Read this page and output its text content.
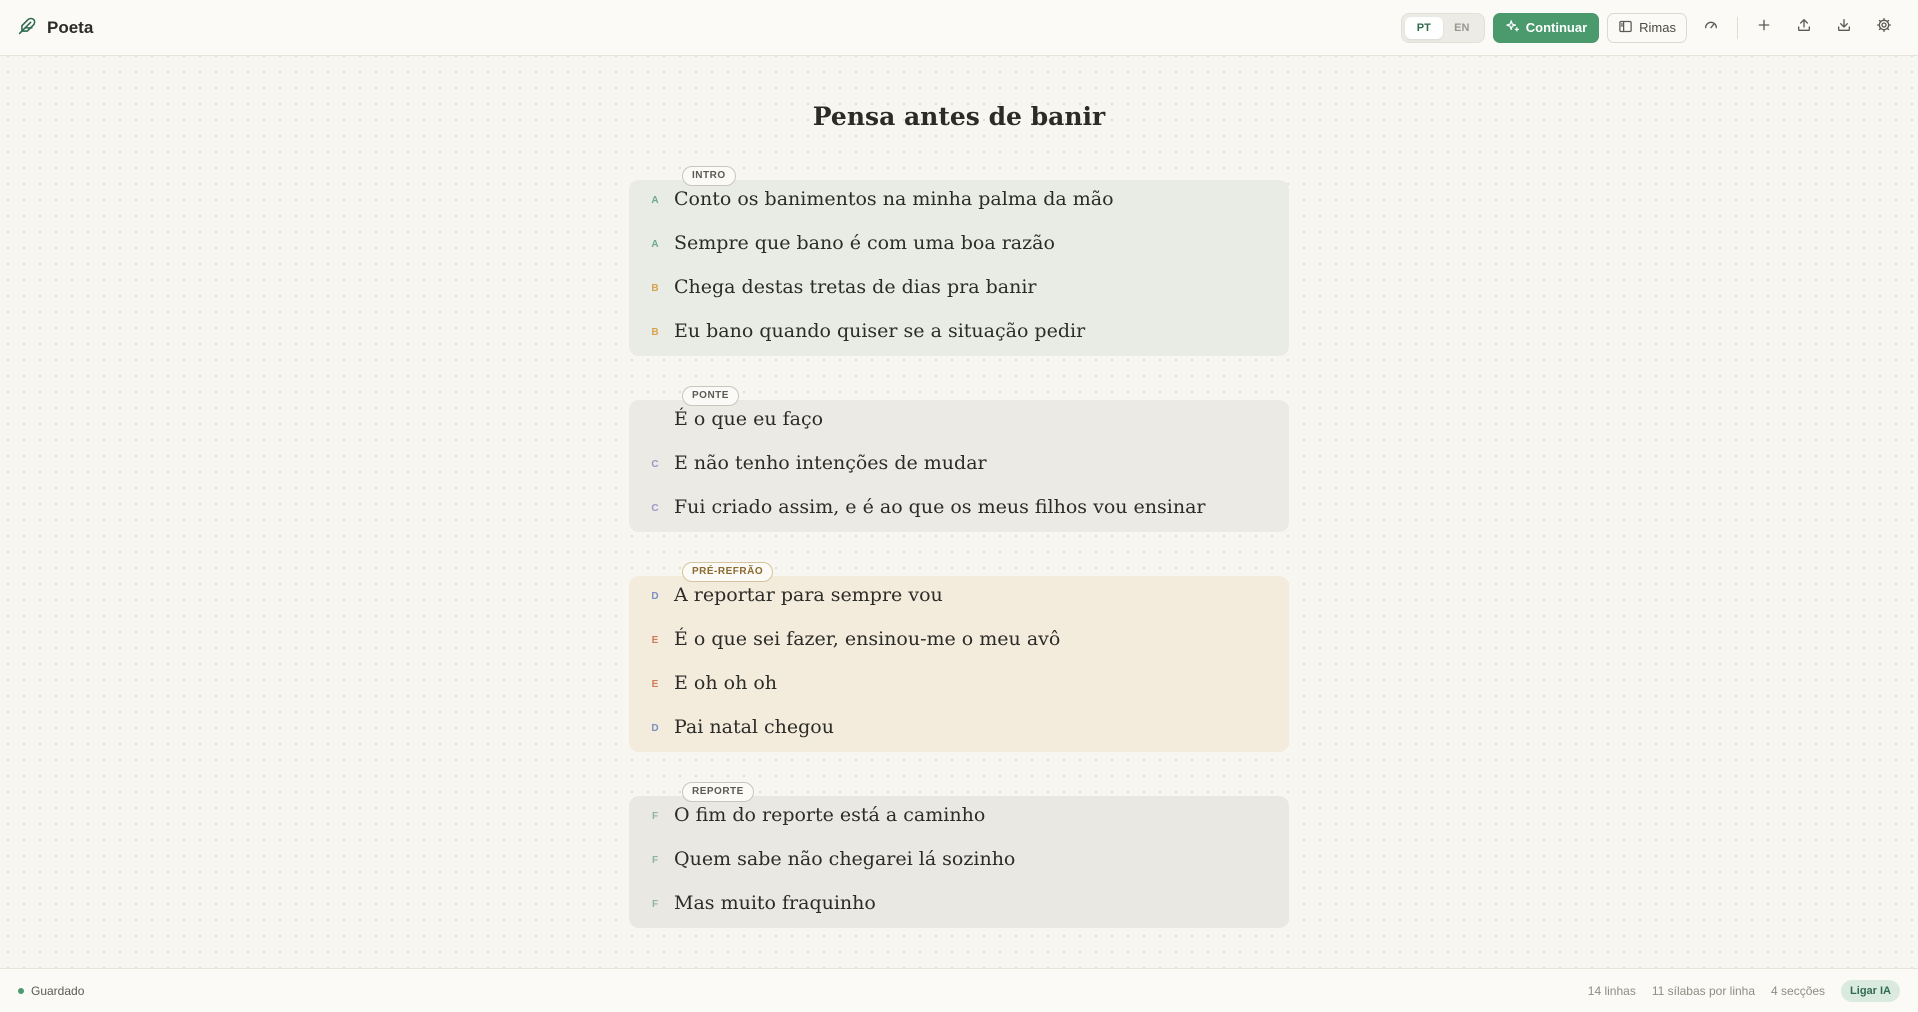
Poeta	PT	EN	Continuar	Rimas
Pensa antes de banir
INTRO
A Conto os banimentos na minha palma da mão
A Sempre que bano é com uma boa razão
B Chega destas tretas de dias pra banir
B Eu bano quando quiser se a situação pedir
PONTE
É o que eu faço
C E não tenho intenções de mudar
C Fui criado assim, e é ao que os meus filhos vou ensinar
PRÉ-REFRÃO
D A reportar para sempre vou
E É o que sei fazer, ensinou-me o meu avô
E E oh oh oh
D Pai natal chegou
REPORTE
F O fim do reporte está a caminho
F Quem sabe não chegarei lá sozinho
F Mas muito fraquinho
Guardado	14 linhas 11 sílabas por linha 4 secções	Ligar IA
